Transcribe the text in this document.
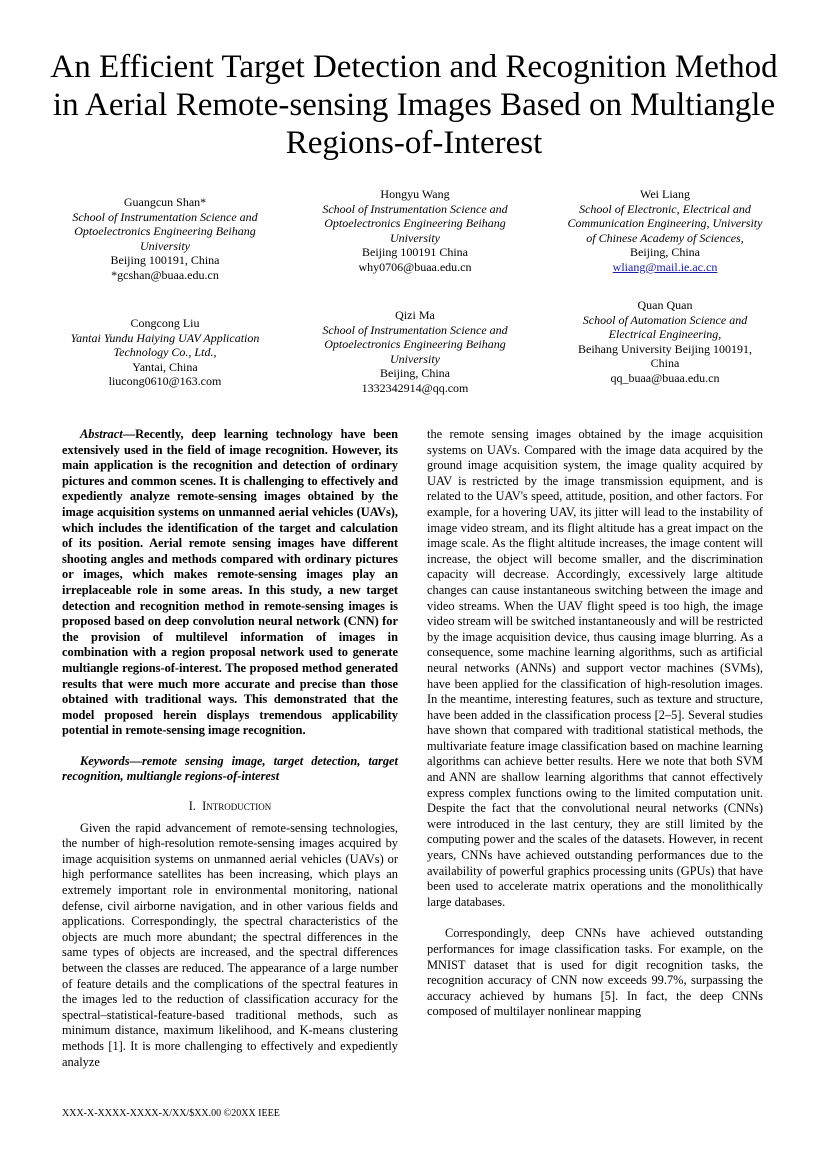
An Efficient Target Detection and Recognition Method in Aerial Remote-sensing Images Based on Multiangle Regions-of-Interest
Guangcun Shan*
School of Instrumentation Science and Optoelectronics Engineering Beihang University
Beijing 100191, China
*gcshan@buaa.edu.cn
Hongyu Wang
School of Instrumentation Science and Optoelectronics Engineering Beihang University
Beijing 100191 China
why0706@buaa.edu.cn
Wei Liang
School of Electronic, Electrical and Communication Engineering, University of Chinese Academy of Sciences,
Beijing, China
wliang@mail.ie.ac.cn
Congcong Liu
Yantai Yundu Haiying UAV Application Technology Co., Ltd.,
Yantai, China
liucong0610@163.com
Qizi Ma
School of Instrumentation Science and Optoelectronics Engineering Beihang University
Beijing, China
1332342914@qq.com
Quan Quan
School of Automation Science and Electrical Engineering,
Beihang University Beijing 100191, China
qq_buaa@buaa.edu.cn

Abstract—Recently, deep learning technology have been extensively used in the field of image recognition. However, its main application is the recognition and detection of ordinary pictures and common scenes. It is challenging to effectively and expediently analyze remote-sensing images obtained by the image acquisition systems on unmanned aerial vehicles (UAVs), which includes the identification of the target and calculation of its position. Aerial remote sensing images have different shooting angles and methods compared with ordinary pictures or images, which makes remote-sensing images play an irreplaceable role in some areas. In this study, a new target detection and recognition method in remote-sensing images is proposed based on deep convolution neural network (CNN) for the provision of multilevel information of images in combination with a region proposal network used to generate multiangle regions-of-interest. The proposed method generated results that were much more accurate and precise than those obtained with traditional ways. This demonstrated that the model proposed herein displays tremendous applicability potential in remote-sensing image recognition.

Keywords—remote sensing image, target detection, target recognition, multiangle regions-of-interest

I. Introduction

Given the rapid advancement of remote-sensing technologies, the number of high-resolution remote-sensing images acquired by image acquisition systems on unmanned aerial vehicles (UAVs) or high performance satellites has been increasing, which plays an extremely important role in environmental monitoring, national defense, civil airborne navigation, and in other various fields and applications. Correspondingly, the spectral characteristics of the objects are much more abundant; the spectral differences in the same types of objects are increased, and the spectral differences between the classes are reduced. The appearance of a large number of feature details and the complications of the spectral features in the images led to the reduction of classification accuracy for the spectral–statistical-feature-based traditional methods, such as minimum distance, maximum likelihood, and K-means clustering methods [1]. It is more challenging to effectively and expediently analyze

the remote sensing images obtained by the image acquisition systems on UAVs. Compared with the image data acquired by the ground image acquisition system, the image quality acquired by UAV is restricted by the image transmission equipment, and is related to the UAV's speed, attitude, position, and other factors. For example, for a hovering UAV, its jitter will lead to the instability of image video stream, and its flight altitude has a great impact on the image scale. As the flight altitude increases, the image content will increase, the object will become smaller, and the discrimination capacity will decrease. Accordingly, excessively large altitude changes can cause instantaneous switching between the image and video streams. When the UAV flight speed is too high, the image video stream will be switched instantaneously and will be restricted by the image acquisition device, thus causing image blurring. As a consequence, some machine learning algorithms, such as artificial neural networks (ANNs) and support vector machines (SVMs), have been applied for the classification of high-resolution images. In the meantime, interesting features, such as texture and structure, have been added in the classification process [2–5]. Several studies have shown that compared with traditional statistical methods, the multivariate feature image classification based on machine learning algorithms can achieve better results. Here we note that both SVM and ANN are shallow learning algorithms that cannot effectively express complex functions owing to the limited computation unit. Despite the fact that the convolutional neural networks (CNNs) were introduced in the last century, they are still limited by the computing power and the scales of the datasets. However, in recent years, CNNs have achieved outstanding performances due to the availability of powerful graphics processing units (GPUs) that have been used to accelerate matrix operations and the monolithically large databases.

Correspondingly, deep CNNs have achieved outstanding performances for image classification tasks. For example, on the MNIST dataset that is used for digit recognition tasks, the recognition accuracy of CNN now exceeds 99.7%, surpassing the accuracy achieved by humans [5]. In fact, the deep CNNs composed of multilayer nonlinear mapping

XXX-X-XXXX-XXXX-X/XX/$XX.00 ©20XX IEEE
